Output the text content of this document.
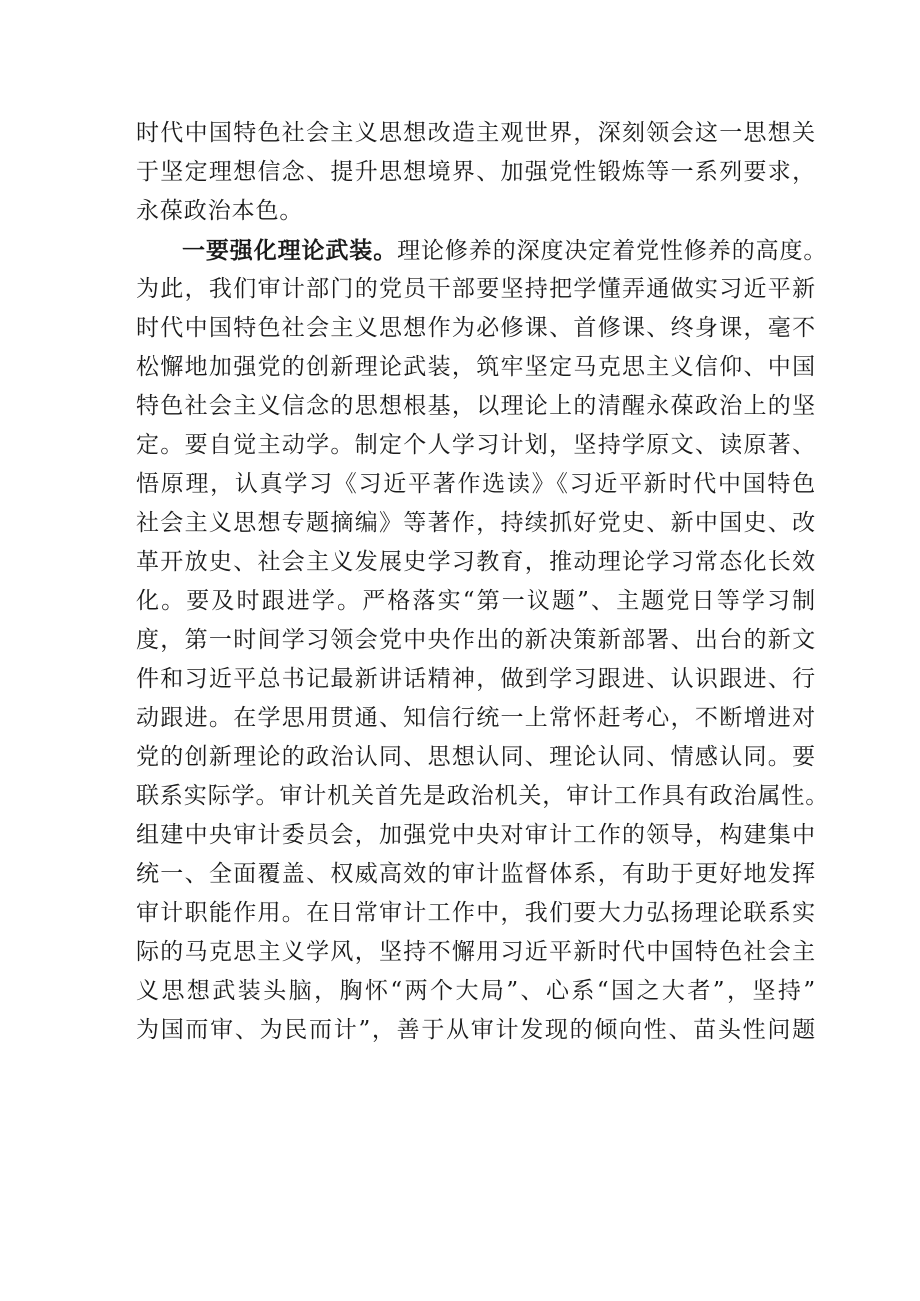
时代中国特色社会主义思想改造主观世界，深刻领会这一思想关
于坚定理想信念、提升思想境界、加强党性锻炼等一系列要求，
永葆政治本色。
一要强化理论武装。理论修养的深度决定着党性修养的高度。
为此，我们审计部门的党员干部要坚持把学懂弄通做实习近平新
时代中国特色社会主义思想作为必修课、首修课、终身课，毫不
松懈地加强党的创新理论武装，筑牢坚定马克思主义信仰、中国
特色社会主义信念的思想根基，以理论上的清醒永葆政治上的坚
定。要自觉主动学。制定个人学习计划，坚持学原文、读原著、
悟原理，认真学习《习近平著作选读》《习近平新时代中国特色
社会主义思想专题摘编》等著作，持续抓好党史、新中国史、改
革开放史、社会主义发展史学习教育，推动理论学习常态化长效
化。要及时跟进学。严格落实“第一议题”、主题党日等学习制
度，第一时间学习领会党中央作出的新决策新部署、出台的新文
件和习近平总书记最新讲话精神，做到学习跟进、认识跟进、行
动跟进。在学思用贯通、知信行统一上常怀赶考心，不断增进对
党的创新理论的政治认同、思想认同、理论认同、情感认同。要
联系实际学。审计机关首先是政治机关，审计工作具有政治属性。
组建中央审计委员会，加强党中央对审计工作的领导，构建集中
统一、全面覆盖、权威高效的审计监督体系，有助于更好地发挥
审计职能作用。在日常审计工作中，我们要大力弘扬理论联系实
际的马克思主义学风，坚持不懈用习近平新时代中国特色社会主
义思想武装头脑，胸怀“两个大局”、心系“国之大者”，坚持”
为国而审、为民而计”，善于从审计发现的倾向性、苗头性问题
